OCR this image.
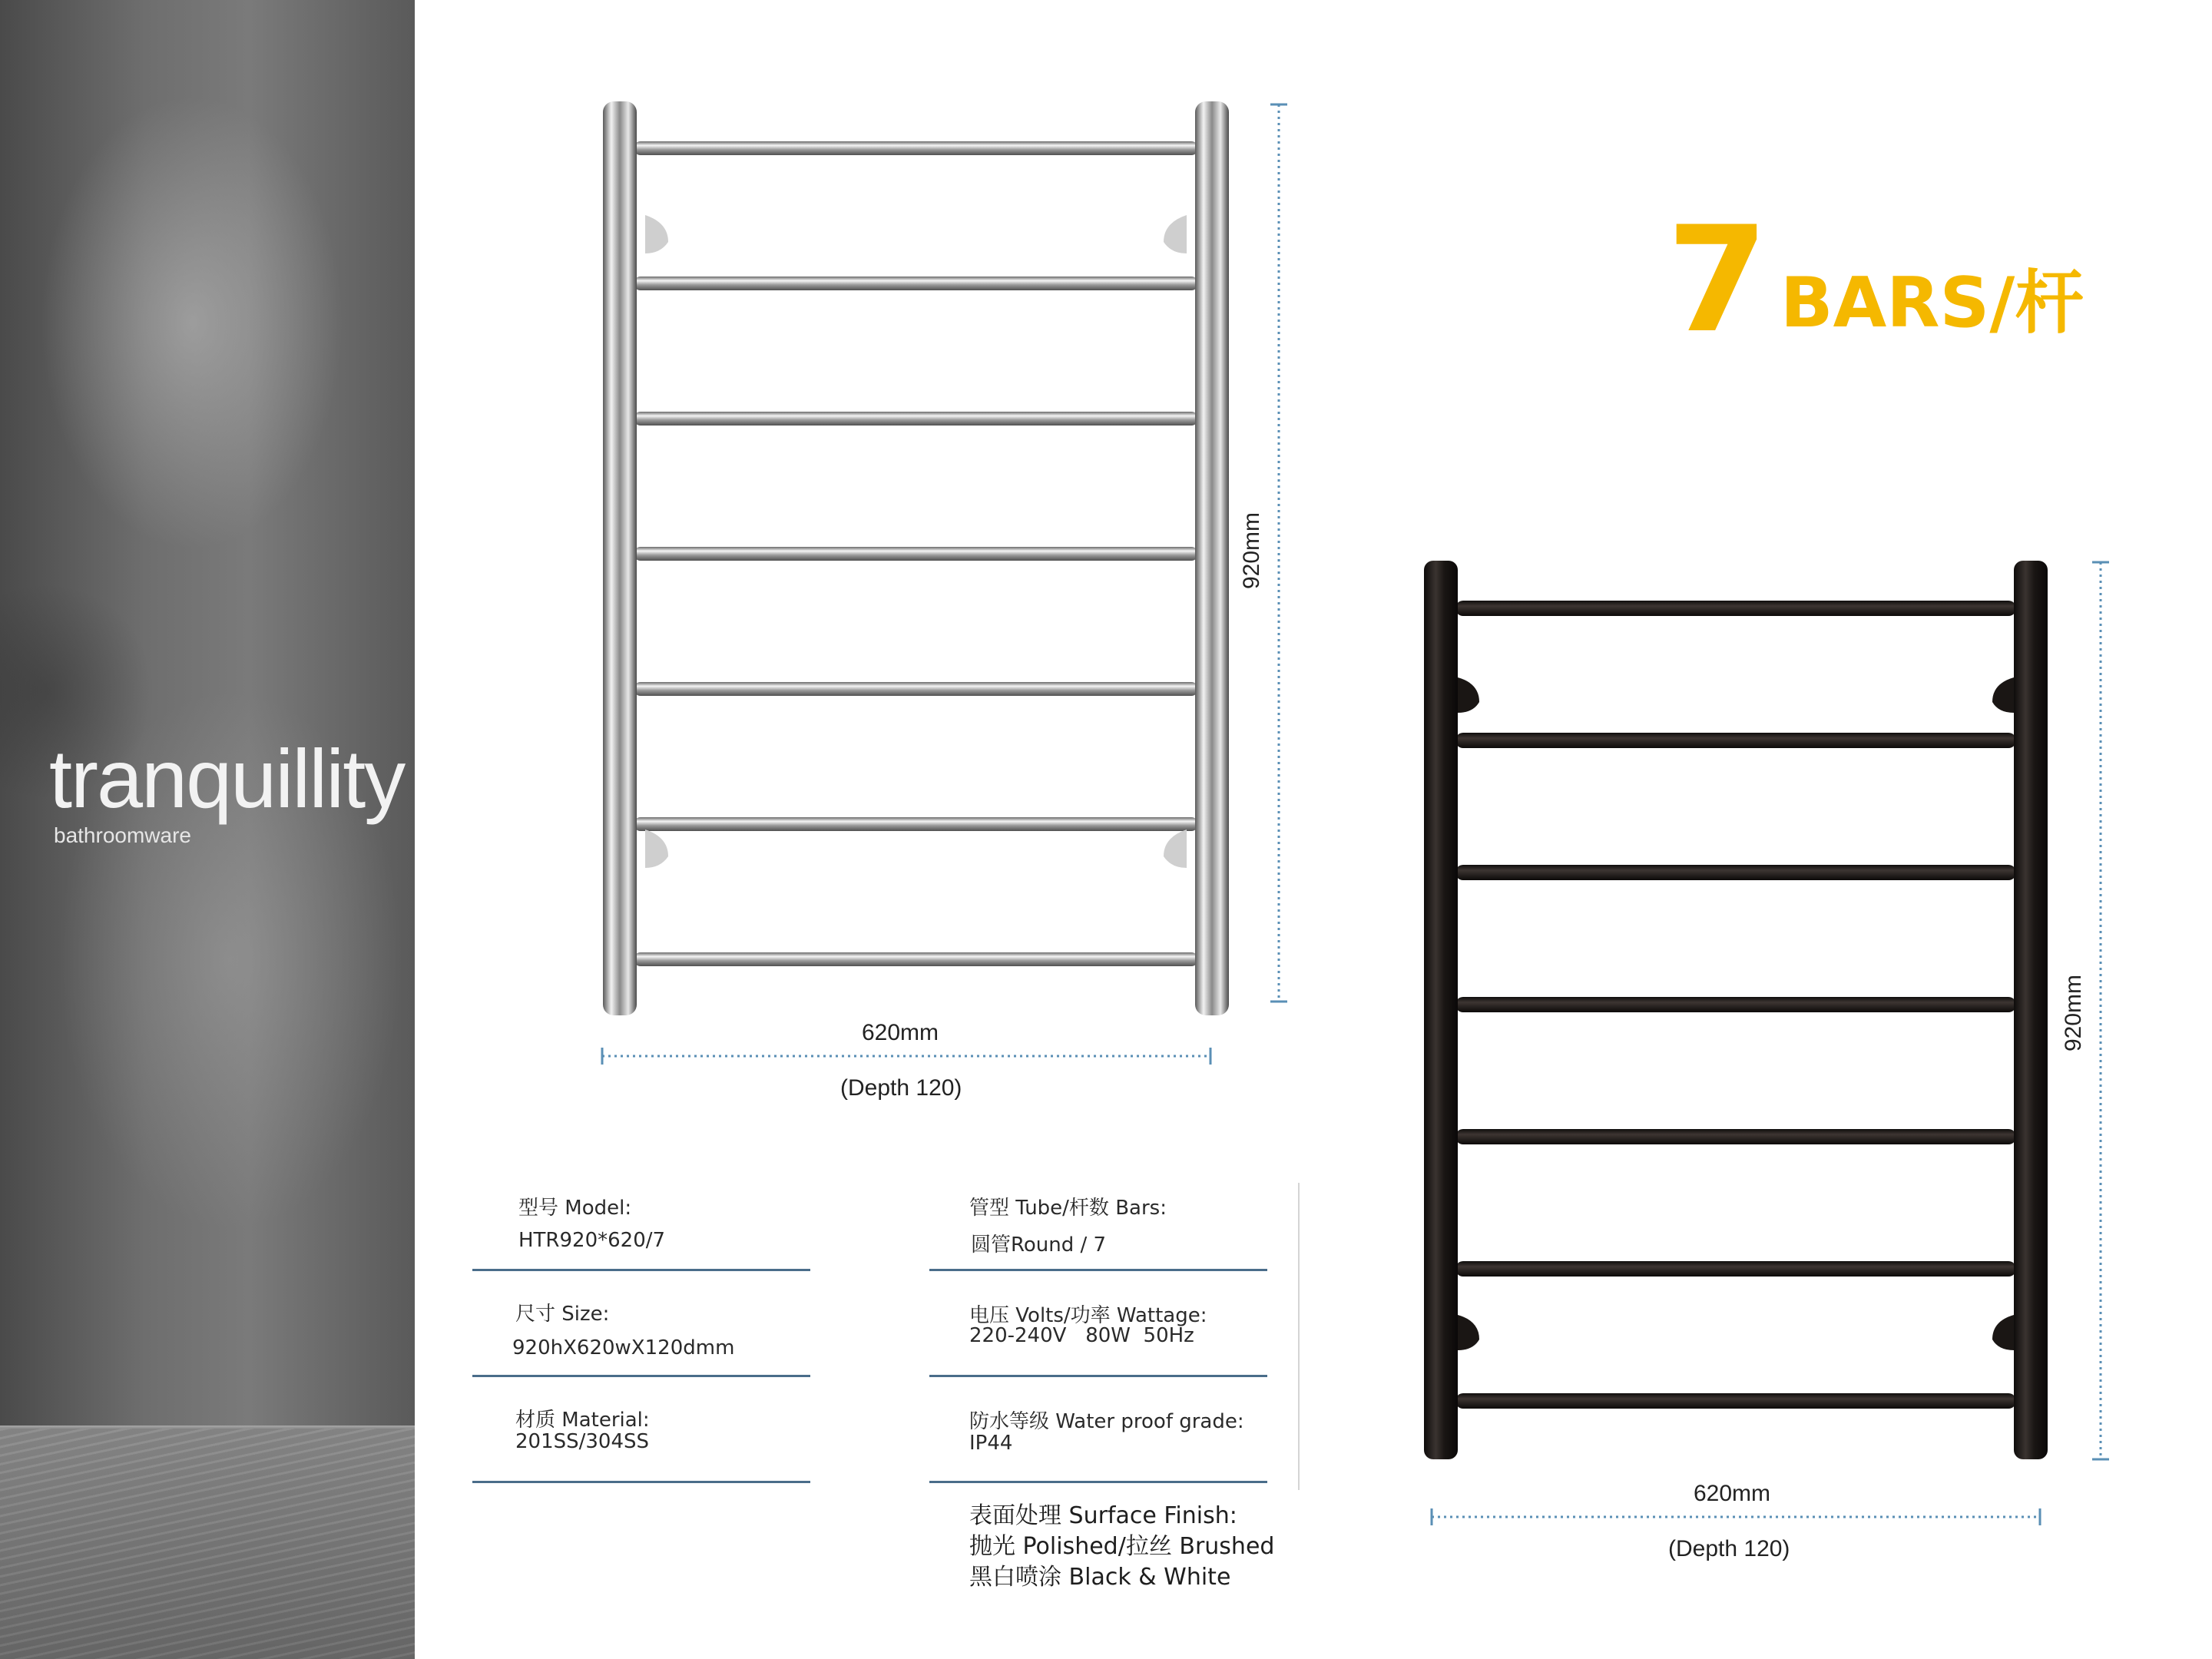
tranquillity
bathroomware
7 BARS/杆
920mm
620mm
(Depth 120)
920mm
620mm
(Depth 120)
型号 Model:
HTR920*620/7
尺寸 Size:
920hX620wX120dmm
材质 Material:
201SS/304SS
管型 Tube/杆数 Bars:
圆管Round / 7
电压 Volts/功率 Wattage:
220-240V   80W  50Hz
防水等级 Water proof grade:
IP44
表面处理 Surface Finish:
抛光 Polished/拉丝 Brushed
黑白喷涂 Black & White
